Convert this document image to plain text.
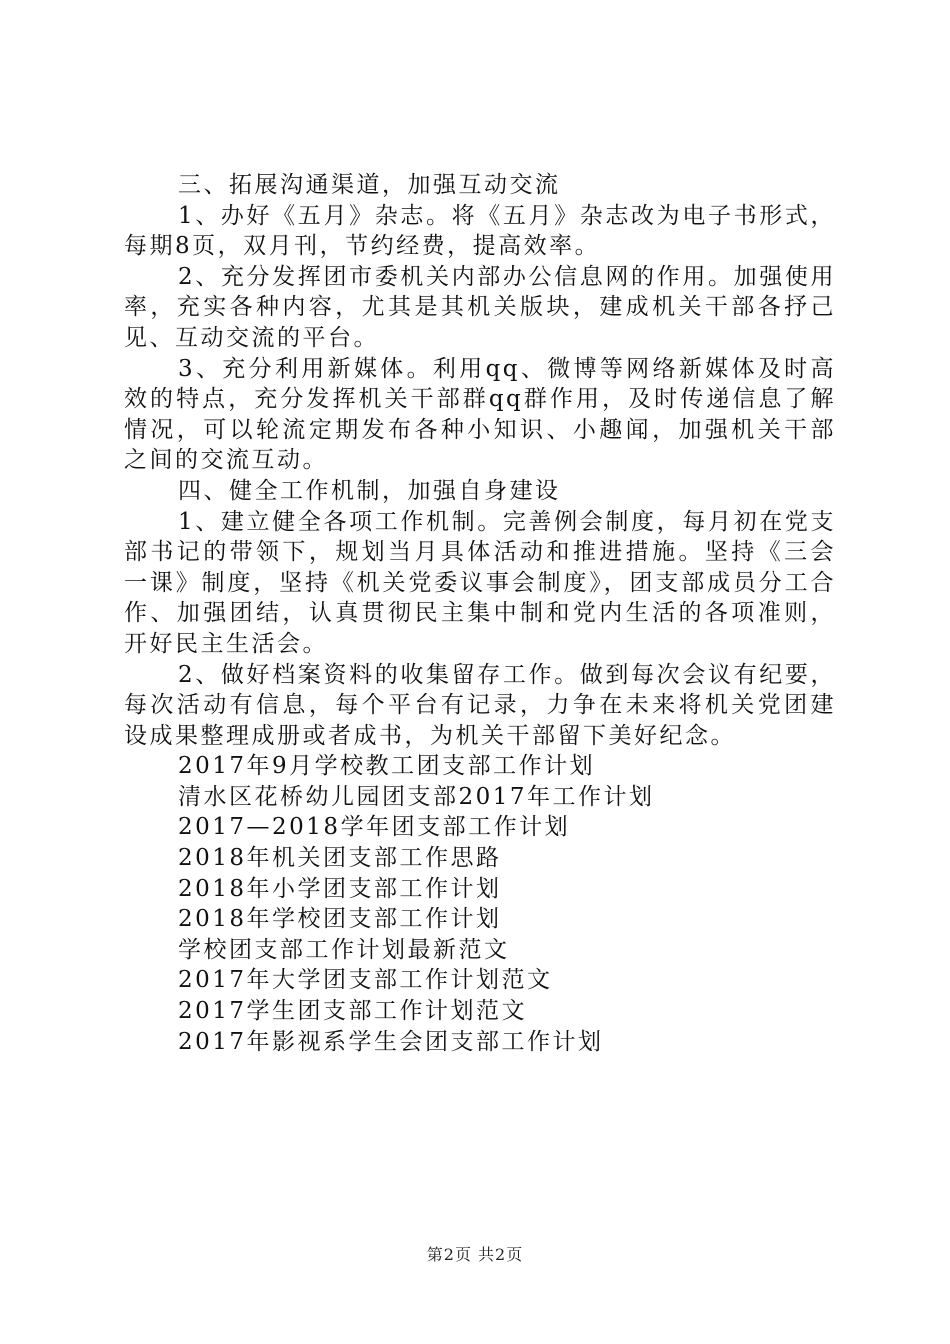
三、拓展沟通渠道，加强互动交流

1、办好《五月》杂志。将《五月》杂志改为电子书形式，每期8页，双月刊，节约经费，提高效率。

2、充分发挥团市委机关内部办公信息网的作用。加强使用率，充实各种内容，尤其是其机关版块，建成机关干部各抒己见、互动交流的平台。

3、充分利用新媒体。利用qq、微博等网络新媒体及时高效的特点，充分发挥机关干部群qq群作用，及时传递信息了解情况，可以轮流定期发布各种小知识、小趣闻，加强机关干部之间的交流互动。

四、健全工作机制，加强自身建设

1、建立健全各项工作机制。完善例会制度，每月初在党支部书记的带领下，规划当月具体活动和推进措施。坚持《三会一课》制度，坚持《机关党委议事会制度》，团支部成员分工合作、加强团结，认真贯彻民主集中制和党内生活的各项准则，开好民主生活会。

2、做好档案资料的收集留存工作。做到每次会议有纪要，每次活动有信息，每个平台有记录，力争在未来将机关党团建设成果整理成册或者成书，为机关干部留下美好纪念。

2017年9月学校教工团支部工作计划

清水区花桥幼儿园团支部2017年工作计划

2017—2018学年团支部工作计划

2018年机关团支部工作思路

2018年小学团支部工作计划

2018年学校团支部工作计划

学校团支部工作计划最新范文

2017年大学团支部工作计划范文

2017学生团支部工作计划范文

2017年影视系学生会团支部工作计划

第2页 共2页
